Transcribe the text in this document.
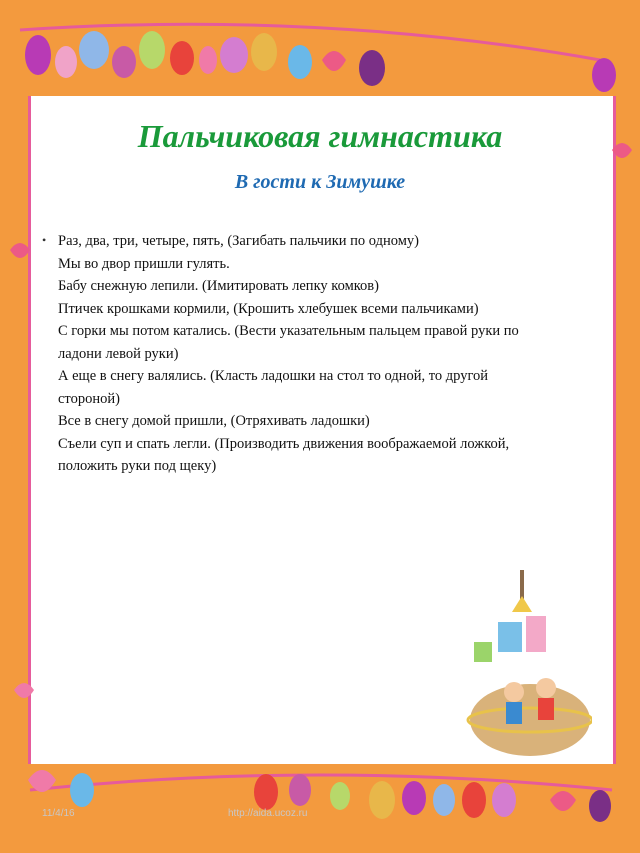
Пальчиковая гимнастика
В гости к Зимушке
• Раз, два, три, четыре, пять, (Загибать пальчики по одному)
Мы во двор пришли гулять.
Бабу снежную лепили. (Имитировать лепку комков)
Птичек крошками кормили, (Крошить хлебушек всеми пальчиками)
С горки мы потом катались. (Вести указательным пальцем правой руки по
ладони левой руки)
А еще в снегу валялись. (Класть ладошки на стол то одной, то другой
стороной)
Все в снегу домой пришли, (Отряхивать ладошки)
Съели суп и спать легли. (Производить движения воображаемой ложкой,
положить руки под щеку)
11/4/16	http://aida.ucoz.ru
